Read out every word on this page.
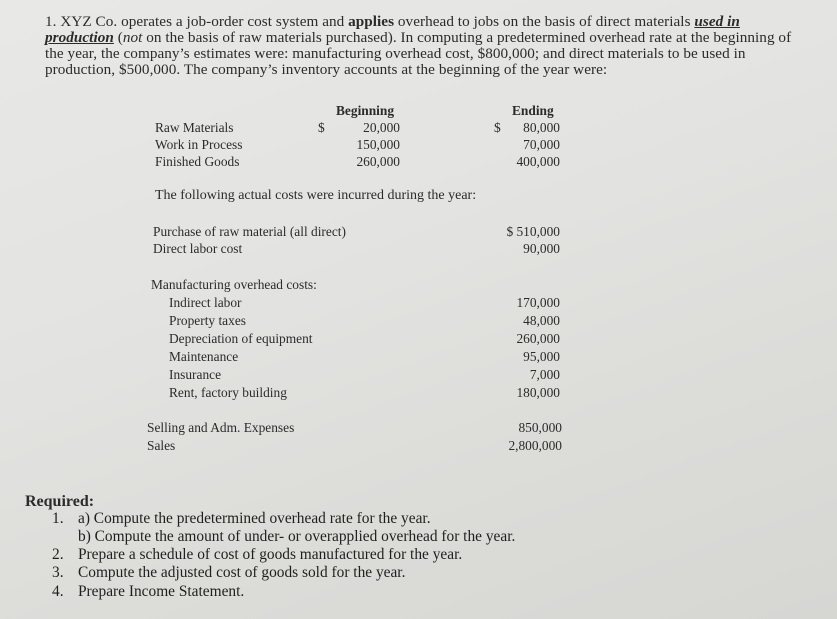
1. XYZ Co. operates a job-order cost system and applies overhead to jobs on the basis of direct materials used in
production (not on the basis of raw materials purchased). In computing a predetermined overhead rate at the beginning of
the year, the company’s estimates were: manufacturing overhead cost, $800,000; and direct materials to be used in
production, $500,000. The company’s inventory accounts at the beginning of the year were:
Beginning	Ending
Raw Materials	$	20,000	$	80,000
Work in Process	150,000	70,000
Finished Goods	260,000	400,000
The following actual costs were incurred during the year:
Purchase of raw material (all direct)	$ 510,000
Direct labor cost	90,000
Manufacturing overhead costs:
Indirect labor	170,000
Property taxes	48,000
Depreciation of equipment	260,000
Maintenance	95,000
Insurance	7,000
Rent, factory building	180,000
Selling and Adm. Expenses	850,000
Sales	2,800,000
Required:
1. a) Compute the predetermined overhead rate for the year.
b) Compute the amount of under- or overapplied overhead for the year.
2. Prepare a schedule of cost of goods manufactured for the year.
3. Compute the adjusted cost of goods sold for the year.
4. Prepare Income Statement.
